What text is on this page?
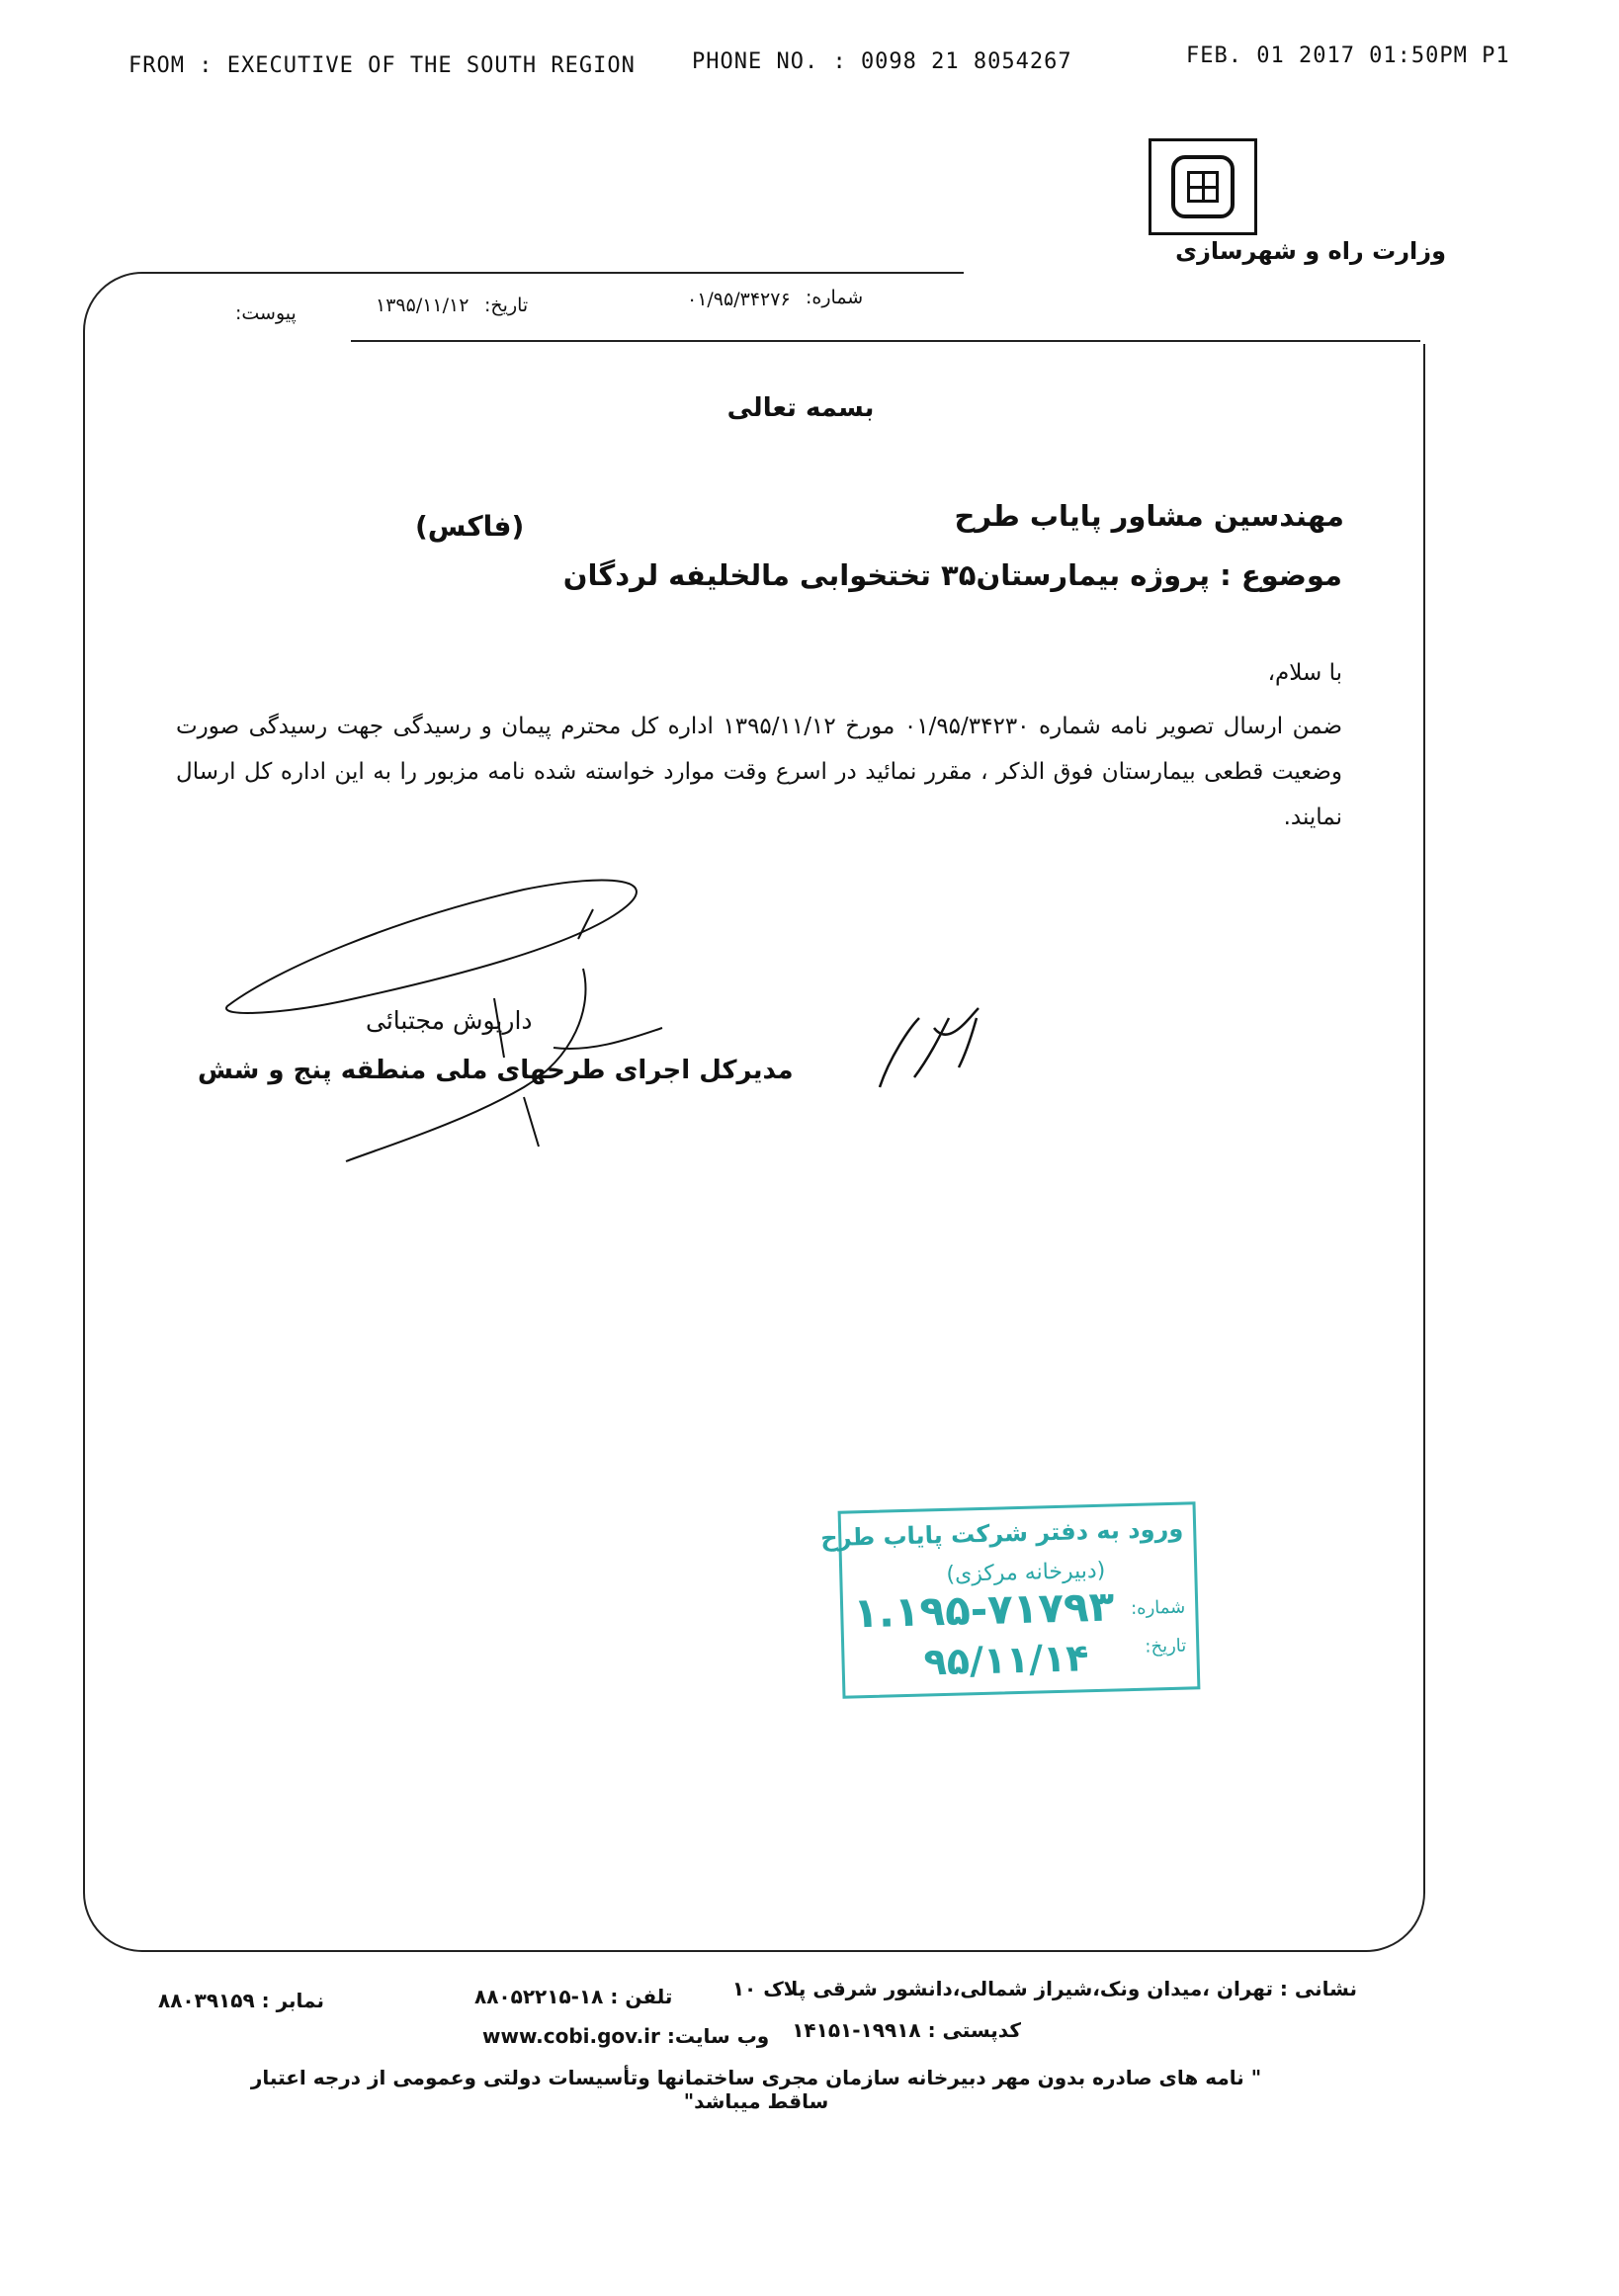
FROM : EXECUTIVE OF THE SOUTH REGION	PHONE NO. : 0098 21 8054267	FEB. 01 2017 01:50PM P1
وزارت راه و شهرسازی
شماره:
۰۱/۹۵/۳۴۲۷۶
تاریخ:
۱۳۹۵/۱۱/۱۲
پیوست:
بسمه تعالی
مهندسین مشاور پایاب طرح
(فاکس)
موضوع : پروژه بیمارستان۳۵ تختخوابی مالخلیفه لردگان
با سلام،
ضمن ارسال تصویر نامه شماره ۰۱/۹۵/۳۴۲۳۰ مورخ ۱۳۹۵/۱۱/۱۲ اداره کل محترم پیمان و رسیدگی جهت رسیدگی صورت وضعیت قطعی بیمارستان فوق الذکر ، مقرر نمائید در اسرع وقت موارد خواسته شده نامه مزبور را به این اداره کل ارسال نمایند.
داریوش مجتبائی
مدیرکل اجرای طرحهای ملی منطقه پنج و شش
ورود به دفتر شرکت پایاب طرح
(دبیرخانه مرکزی)
شماره:
تاریخ:
۱.۱۹۵-۷۱۷۹۳
۹۵/۱۱/۱۴
نشانی : تهران ،میدان ونک،شیراز شمالی،دانشور شرقی پلاک ۱۰
کدپستی : ۱۹۹۱۸-۱۴۱۵۱
تلفن : ۱۸-۸۸۰۵۲۲۱۵
وب سایت: www.cobi.gov.ir
نمابر : ۸۸۰۳۹۱۵۹
" نامه های صادره بدون مهر دبیرخانه سازمان مجری ساختمانها وتأسیسات دولتی وعمومی از درجه اعتبار ساقط میباشد"
